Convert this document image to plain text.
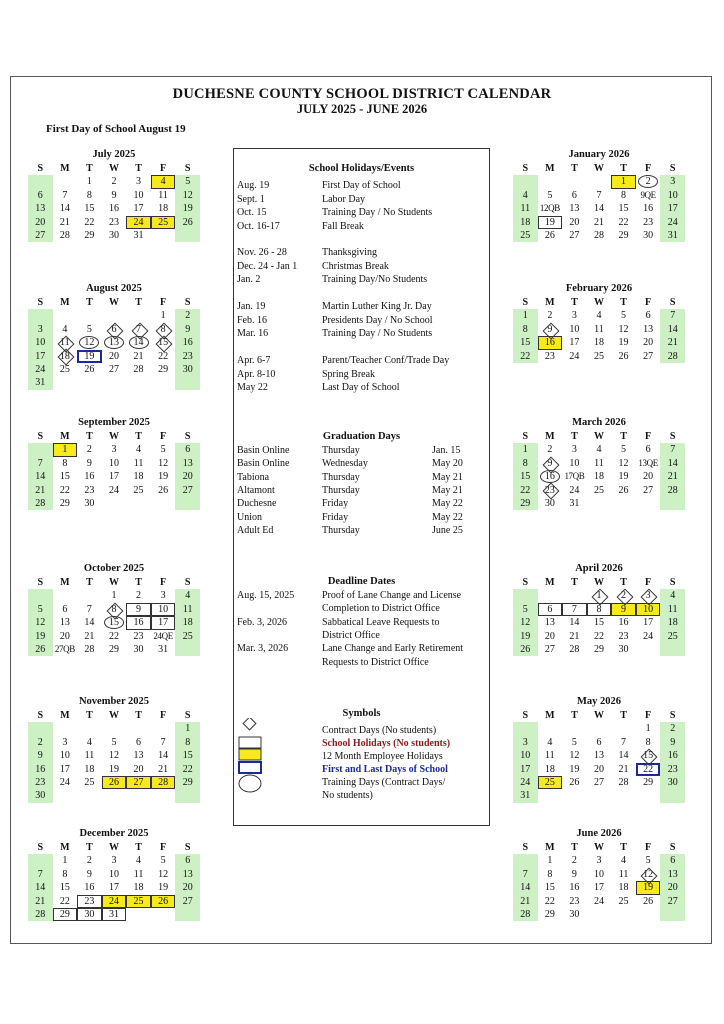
DUCHESNE COUNTY SCHOOL DISTRICT CALENDAR
JULY 2025 - JUNE 2026
First Day of School August 19
July 2025
S	M	T	W	T	F	S
		1	2	3	4	5
6	7	8	9	10	11	12
13	14	15	16	17	18	19
20	21	22	23	24	25	26
27	28	29	30	31		
August 2025
S	M	T	W	T	F	S
					1	2
3	4	5	6	7	8	9
10	11	12	13	14	15	16
17	18	19	20	21	22	23
24	25	26	27	28	29	30
31						
September 2025
S	M	T	W	T	F	S
	1	2	3	4	5	6
7	8	9	10	11	12	13
14	15	16	17	18	19	20
21	22	23	24	25	26	27
28	29	30				
October 2025
S	M	T	W	T	F	S
			1	2	3	4
5	6	7	8	9	10	11
12	13	14	15	16	17	18
19	20	21	22	23	24QE	25
26	27QB	28	29	30	31	
November 2025
S	M	T	W	T	F	S
						1
2	3	4	5	6	7	8
9	10	11	12	13	14	15
16	17	18	19	20	21	22
23	24	25	26	27	28	29
30						
December 2025
S	M	T	W	T	F	S
	1	2	3	4	5	6
7	8	9	10	11	12	13
14	15	16	17	18	19	20
21	22	23	24	25	26	27
28	29	30	31			
January 2026
S	M	T	W	T	F	S
				1	2	3
4	5	6	7	8	9QE	10
11	12QB	13	14	15	16	17
18	19	20	21	22	23	24
25	26	27	28	29	30	31
February 2026
S	M	T	W	T	F	S
1	2	3	4	5	6	7
8	9	10	11	12	13	14
15	16	17	18	19	20	21
22	23	24	25	26	27	28
March 2026
S	M	T	W	T	F	S
1	2	3	4	5	6	7
8	9	10	11	12	13QE	14
15	16	17QB	18	19	20	21
22	23	24	25	26	27	28
29	30	31				
April 2026
S	M	T	W	T	F	S
			1	2	3	4
5	6	7	8	9	10	11
12	13	14	15	16	17	18
19	20	21	22	23	24	25
26	27	28	29	30		
May 2026
S	M	T	W	T	F	S
					1	2
3	4	5	6	7	8	9
10	11	12	13	14	15	16
17	18	19	20	21	22	23
24	25	26	27	28	29	30
31						
June 2026
S	M	T	W	T	F	S
	1	2	3	4	5	6
7	8	9	10	11	12	13
14	15	16	17	18	19	20
21	22	23	24	25	26	27
28	29	30				
School Holidays/Events
Aug. 19	First Day of School
Sept. 1	Labor Day
Oct. 15	Training Day / No Students
Oct. 16-17	Fall Break
Nov. 26 - 28	Thanksgiving
Dec. 24 - Jan 1 Christmas Break
Jan. 2	Training Day/No Students
Jan. 19	Martin Luther King Jr. Day
Feb. 16	Presidents Day / No School
Mar. 16	Training Day / No Students
Apr. 6-7	Parent/Teacher Conf/Trade Day
Apr. 8-10	Spring Break
May 22	Last Day of School
Graduation Days
Basin Online	Thursday	Jan. 15
Basin Online	Wednesday	May 20
Tabiona	Thursday	May 21
Altamont	Thursday	May 21
Duchesne	Friday	May 22
Union	Friday	May 22
Adult Ed	Thursday	June 25
Deadline Dates
Aug. 15, 2025	Proof of Lane Change and License
Completion to District Office
Feb. 3, 2026	Sabbatical Leave Requests to
District Office
Mar. 3, 2026	Lane Change and Early Retirement
Requests to District Office
Symbols
Contract Days (No students)
School Holidays (No students)
12 Month Employee Holidays
First and Last Days of School
Training Days (Contract Days/
No students)
